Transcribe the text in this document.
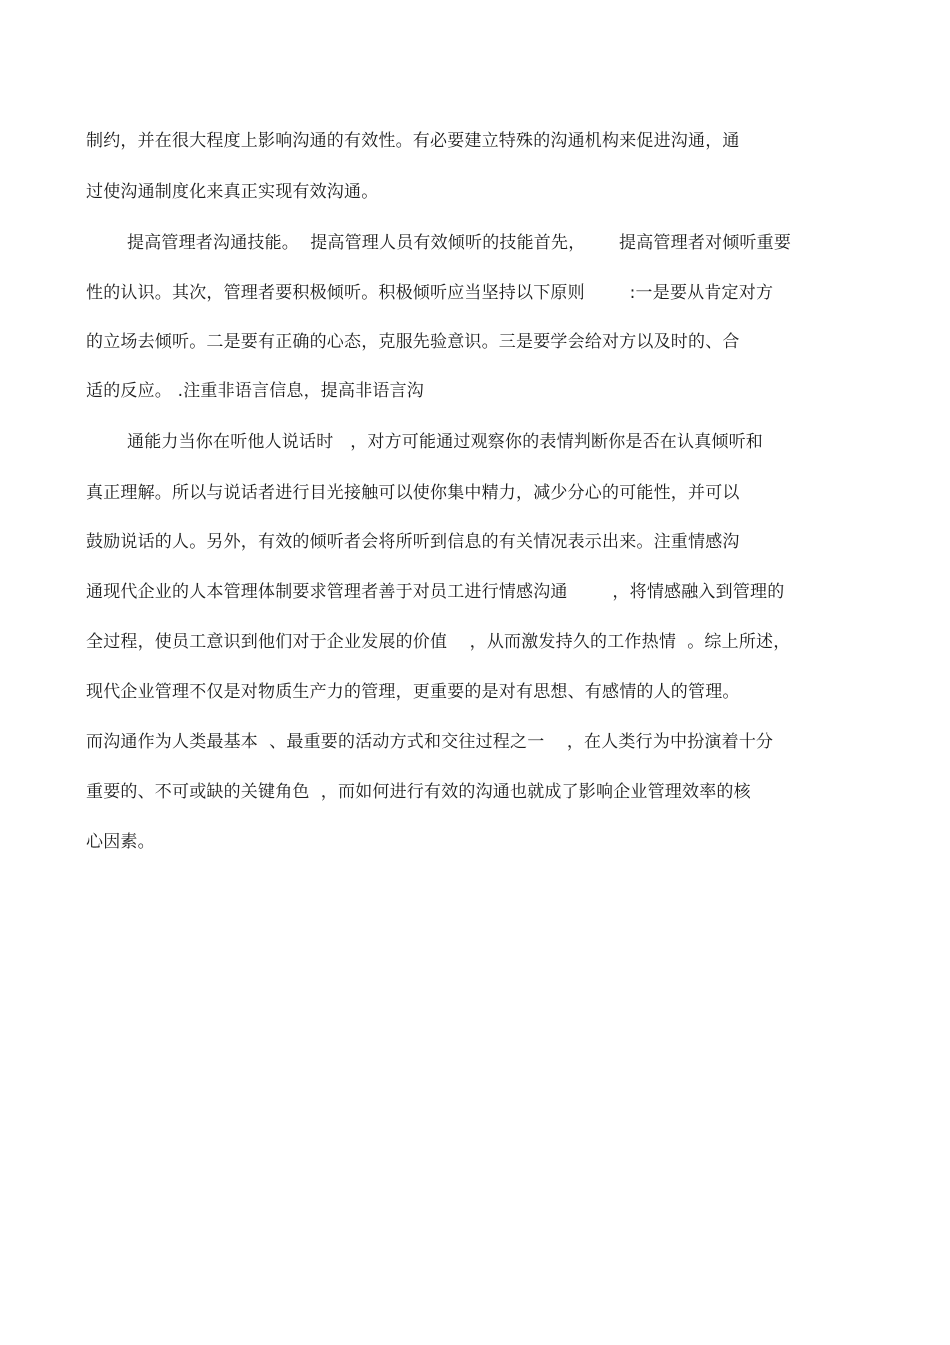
制约，并在很大程度上影响沟通的有效性。有必要建立特殊的沟通机构来促进沟通，通
过使沟通制度化来真正实现有效沟通。
提高管理者沟通技能。  提高管理人员有效倾听的技能首先，      提高管理者对倾听重要
性的认识。其次，管理者要积极倾听。积极倾听应当坚持以下原则        :一是要从肯定对方
的立场去倾听。二是要有正确的心态，克服先验意识。三是要学会给对方以及时的、合
适的反应。 .注重非语言信息，提高非语言沟
通能力当你在听他人说话时   ，对方可能通过观察你的表情判断你是否在认真倾听和
真正理解。所以与说话者进行目光接触可以使你集中精力，减少分心的可能性，并可以
鼓励说话的人。另外，有效的倾听者会将所听到信息的有关情况表示出来。注重情感沟
通现代企业的人本管理体制要求管理者善于对员工进行情感沟通        ，将情感融入到管理的
全过程，使员工意识到他们对于企业发展的价值    ，从而激发持久的工作热情  。综上所述，
现代企业管理不仅是对物质生产力的管理，更重要的是对有思想、有感情的人的管理。
而沟通作为人类最基本  、最重要的活动方式和交往过程之一    ，在人类行为中扮演着十分
重要的、不可或缺的关键角色  ，而如何进行有效的沟通也就成了影响企业管理效率的核
心因素。
